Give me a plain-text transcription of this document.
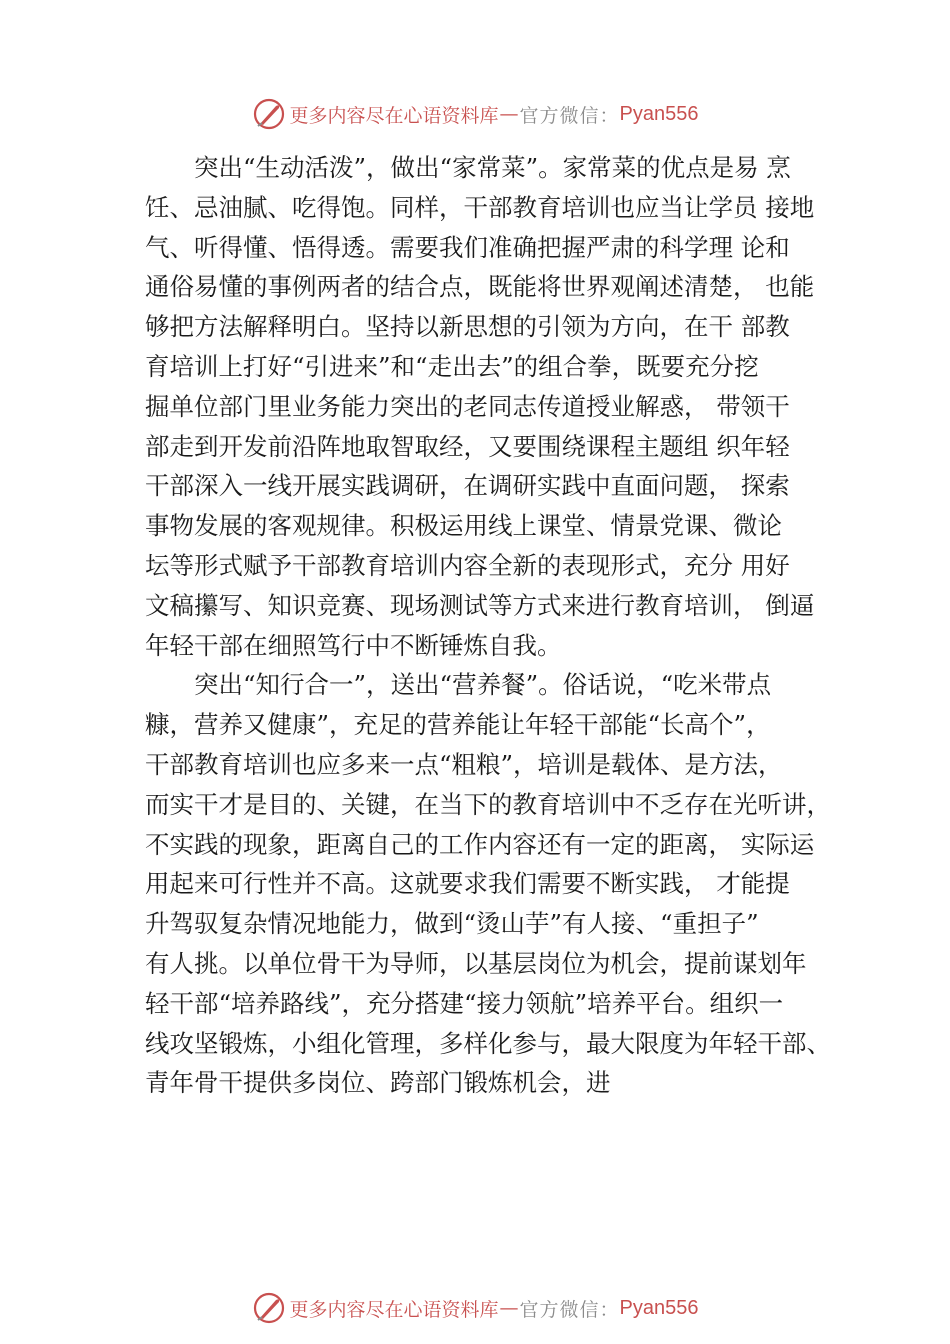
更多内容尽在心语资料库 — 官方微信： Pyan556
突出“生动活泼”，做出“家常菜”。家常菜的优点是易 烹
饪、忌油腻、吃得饱。同样，干部教育培训也应当让学员 接地
气、听得懂、悟得透。需要我们准确把握严肃的科学理 论和
通俗易懂的事例两者的结合点，既能将世界观阐述清楚， 也能
够把方法解释明白。坚持以新思想的引领为方向，在干 部教
育培训上打好“引进来”和“走出去”的组合拳，既要充分挖
掘单位部门里业务能力突出的老同志传道授业解惑， 带领干
部走到开发前沿阵地取智取经，又要围绕课程主题组 织年轻
干部深入一线开展实践调研，在调研实践中直面问题， 探索
事物发展的客观规律。积极运用线上课堂、情景党课、微论
坛等形式赋予干部教育培训内容全新的表现形式，充分 用好
文稿攥写、知识竞赛、现场测试等方式来进行教育培训， 倒逼
年轻干部在细照笃行中不断锤炼自我。
突出“知行合一”，送出“营养餐”。俗话说，“吃米带点
糠，营养又健康”，充足的营养能让年轻干部能“长高个”，
干部教育培训也应多来一点“粗粮”，培训是载体、是方法，
而实干才是目的、关键，在当下的教育培训中不乏存在光听讲，
不实践的现象，距离自己的工作内容还有一定的距离， 实际运
用起来可行性并不高。这就要求我们需要不断实践， 才能提
升驾驭复杂情况地能力，做到“烫山芋”有人接、“重担子”
有人挑。以单位骨干为导师，以基层岗位为机会，提前谋划年
轻干部“培养路线”，充分搭建“接力领航”培养平台。组织一
线攻坚锻炼，小组化管理，多样化参与，最大限度为年轻干部、
青年骨干提供多岗位、跨部门锻炼机会，进
更多内容尽在心语资料库 — 官方微信： Pyan556
